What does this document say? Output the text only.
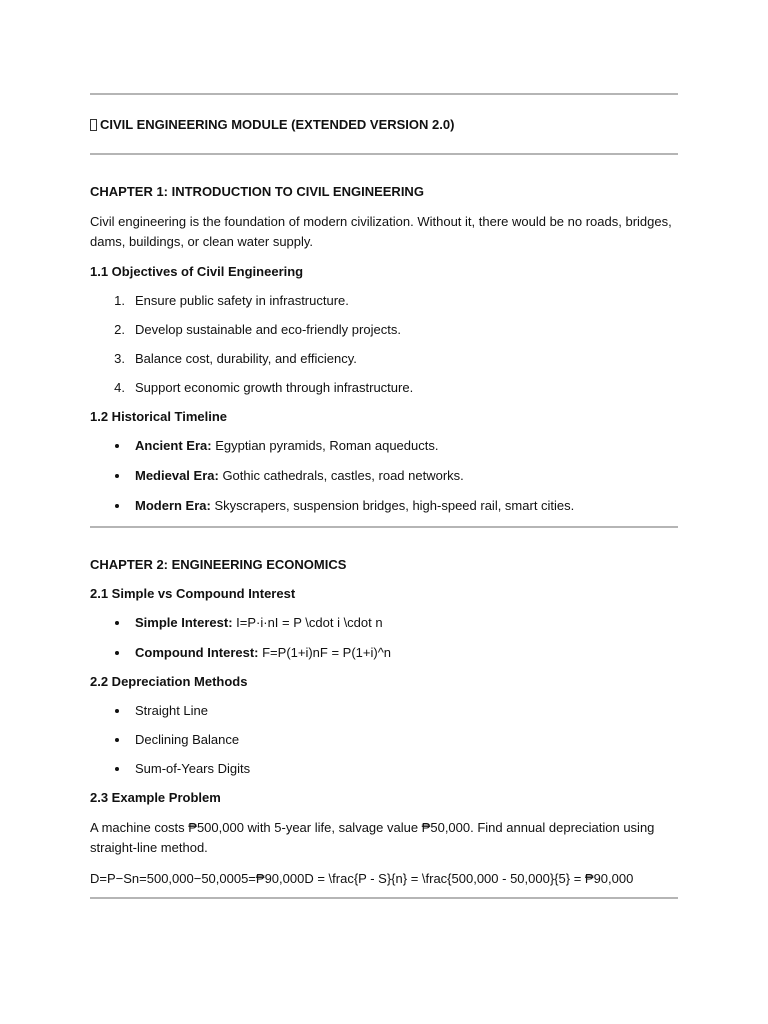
CIVIL ENGINEERING MODULE (EXTENDED VERSION 2.0)
CHAPTER 1: INTRODUCTION TO CIVIL ENGINEERING

Civil engineering is the foundation of modern civilization. Without it, there would be no roads, bridges, dams, buildings, or clean water supply.

1.1 Objectives of Civil Engineering
1. Ensure public safety in infrastructure.
2. Develop sustainable and eco-friendly projects.
3. Balance cost, durability, and efficiency.
4. Support economic growth through infrastructure.
1.2 Historical Timeline
Ancient Era: Egyptian pyramids, Roman aqueducts.
Medieval Era: Gothic cathedrals, castles, road networks.
Modern Era: Skyscrapers, suspension bridges, high-speed rail, smart cities.
CHAPTER 2: ENGINEERING ECONOMICS
2.1 Simple vs Compound Interest
Simple Interest: I=P·i·nI = P \cdot i \cdot n
Compound Interest: F=P(1+i)nF = P(1+i)^n
2.2 Depreciation Methods
Straight Line
Declining Balance
Sum-of-Years Digits
2.3 Example Problem

A machine costs ₱500,000 with 5-year life, salvage value ₱50,000. Find annual depreciation using straight-line method.

D=P−Sn=500,000−50,0005=₱90,000D = \frac{P - S}{n} = \frac{500,000 - 50,000}{5} = ₱90,000
